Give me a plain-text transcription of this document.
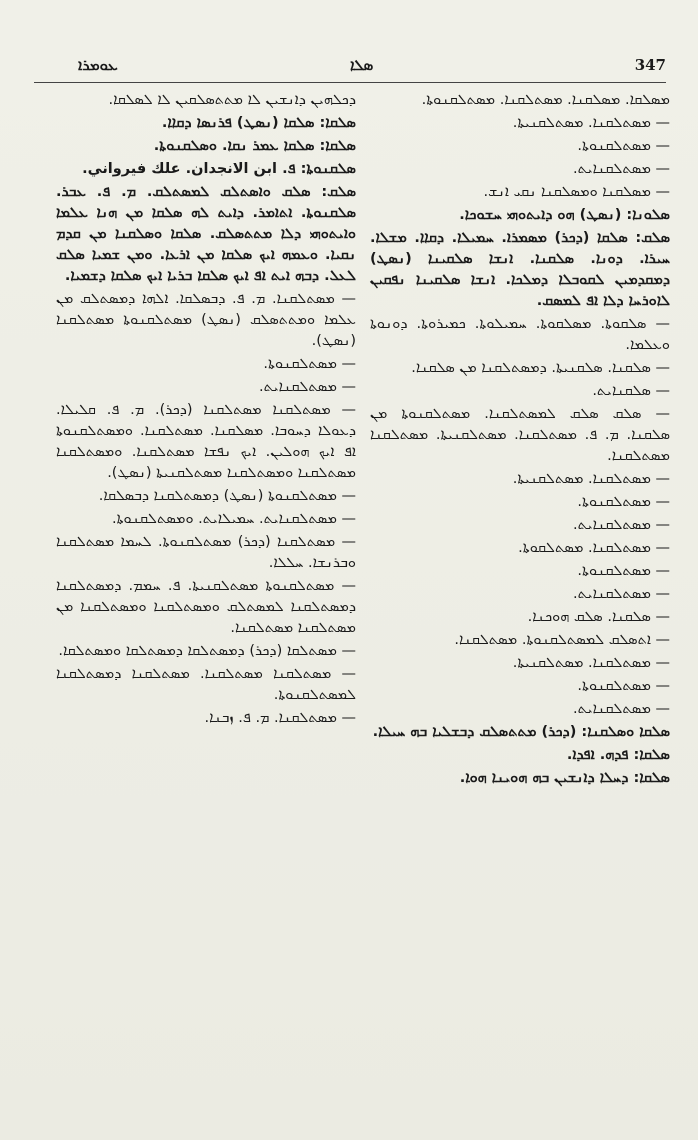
ܥܘܡܪܐ	ܣܠܐ	347

ܡܣܠܩܐ. ܡܣܠܩܢܐ. ܡܣܬܠܩܢܐ. ܡܣܬܠܩܢܘܬܐ.

— ܡܣܬܠܩܢܐ. ܡܣܬܠܩܢܝܬܐ.

— ܡܣܬܠܩܢܘܬܐ.

— ܡܣܬܠܩܢܐܝܬ.

— ܡܣܠܩܢܐ ܘܡܣܠܩܢܐ ܢܩܝ ܐܢܫ.

ܣܠܘܢܐ: (ܢܣܛ) ܗܘ ܕܐܝܬܘܗܝ ܚܫܘܟܐ.

ܣܠܩ: ܣܠܩܐ (ܕܟܪ) ܡܣܡܪܐ. ܚܡܝܠܐ. ܕܩܐܐ. ܡܫܠܐ. ܚܝܪܐ. ܕܘܢܐ. ܣܠܩܢܐ. ܐܢܫܐ ܣܠܩܝܢܐ (ܢܣܛ) ܕܡܩܕܡܝܢ ܠܩܘܒܠܐ ܕܡܠܟܐ. ܐܢܫܐ ܣܠܩܝܢܐ ܢܦܩܝܢ ܠܐܘܪܚܐ ܕܠܐ ܐܦ ܠܡܣܩ.

— ܣܠܩܘܬܐ. ܡܣܠܩܘܬܐ. ܚܡܝܠܘܬܐ. ܟܡܝܪܘܬܐ. ܕܘܢܘܬܐ ܘܥܠܡܐ.

— ܣܠܩܢܐ. ܣܠܩܢܝܬܐ. ܕܡܣܬܠܩܢܐ ܡܢ ܣܠܩܢܐ.

— ܣܠܩܢܐܝܬ.

— ܣܠܩ ܣܠܩ ܠܡܣܬܠܩܢܐ. ܡܣܬܠܩܢܘܬܐ ܡܢ ܣܠܩܢܐ. ܡ. ܦ. ܡܣܬܠܩܢܐ. ܡܣܬܠܩܢܝܬܐ. ܡܣܬܠܩܢܐ ܡܣܬܠܩܢܐ.

— ܡܣܬܠܩܢܐ. ܡܣܬܠܩܢܝܬܐ.

— ܡܣܬܠܩܢܘܬܐ.

— ܡܣܬܠܩܢܐܝܬ.

— ܡܣܬܠܩܢܐ. ܡܣܬܠܩܘܬܐ.

— ܡܣܬܠܩܢܘܬܐ.

— ܡܣܬܠܩܢܐܝܬ.

— ܣܠܩܢܐ. ܣܠܩ ܗܘܟܢܐ.

— ܐܬܣܠܩ ܠܡܣܬܠܩܢܘܬܐ. ܡܣܬܠܩܢܐ.

— ܡܣܬܠܩܢܐ. ܡܣܬܠܩܢܝܬܐ.

— ܡܣܬܠܩܢܘܬܐ.

— ܡܣܬܠܩܢܐܝܬ.

ܣܠܩܐ ܘܣܠܩܢܐ: (ܕܟܪ) ܡܬܬܣܠܩ ܕܒܫܠܝܐ ܒܗ ܚܝܠܐ.

ܣܠܩܐ: ܦܕܗ. ܐܦܕܐ.

ܣܠܩܐ: ܕܚܠܐ ܕܐܢܫܝܢ ܒܗ ܗܘܝܢܐ ܗܘܐ.

ܕܟܠܗܝܢ ܕܐܢܫܝܢ ܠܐ ܡܬܬܣܠܩܝܢ ܠܐ ܠܣܠܩܐ.

ܣܠܩܐ: ܣܠܩܐ (ܢܣܛ) ܦܪܢܣܐ ܕܩܐܐ.

ܣܠܩܐ: ܣܠܩܐ ܥܡܪ ܢܩܐ. ܘܣܠܩܢܘܬܐ.

ܣܠܩܢܘܬܐ: ܦ. ابن الانجدان. علك فيرواني.

ܣܠܩ: ܣܠܩ ܘܐܣܬܠܩ ܠܡܣܬܠܩ. ܡ. ܦ. ܥܒܪ. ܣܠܩܢܘܬܐ. ܐܬܐܡܪ. ܕܐܝܬ ܠܗ ܣܠܩܐ ܡܢ ܗܢܐ ܥܠܡܐ ܘܐܝܬܘܗܝ ܕܠܐ ܡܬܬܣܠܩ. ܣܠܩܐ ܘܣܠܩܢܐ ܡܢ ܩܕܡ ܢܩܝܐ. ܘܥܡܗ ܐܝܟ ܣܠܩܐ ܡܢ ܐܪܥܐ. ܘܡܢ ܫܡܝܐ ܣܠܩ ܠܥܠ. ܕܒܗ ܐܝܬ ܐܦ ܐܝܟ ܣܠܩܐ ܒܪܝܐ ܐܝܟ ܣܠܩܐ ܕܫܡܝܐ.

— ܡܣܬܠܩܢܐ. ܡ. ܦ. ܕܒܣܠܩܐ. ܐܠܗܐ ܕܡܣܬܠܩ ܡܢ ܥܠܡܐ ܘܡܬܬܣܠܩ (ܢܣܛ) ܡܣܬܠܩܢܘܬܐ ܡܣܬܠܩܢܐ (ܢܣܛ).

— ܡܣܬܠܩܢܘܬܐ.

— ܡܣܬܠܩܢܐܝܬ.

— ܡܣܬܠܩܢܐ ܡܣܬܠܩܢܐ (ܕܟܪ). ܡ. ܦ. ܩܠܝܠܐ. ܕܥܘܠܐ ܕܚܘܒܐ. ܡܣܠܩܢܐ. ܡܣܬܠܩܢܐ. ܘܡܣܬܠܩܢܘܬܐ ܐܦ ܐܝܟ ܗܘܠܝܢ. ܐܝܟ ܢܦܫܐ ܡܣܬܠܩܢܐ. ܘܡܣܬܠܩܢܐ ܡܣܬܠܩܢܐ ܘܡܣܬܠܩܢܐ ܡܣܬܠܩܢܝܬܐ (ܢܣܛ).

— ܡܣܬܠܩܢܘܬܐ (ܢܣܛ) ܕܡܣܬܠܩܢܐ ܕܒܣܠܩܐ.

— ܡܣܬܠܩܢܐܝܬ. ܚܡܝܠܐܝܬ. ܘܡܣܬܠܩܢܘܬܐ.

— ܡܣܬܠܩܢܐ (ܕܟܪ) ܡܣܬܠܩܢܘܬܐ. ܠܚܡܐ ܡܣܬܠܩܢܐ ܘܒܪܢܫܐ. ܚܠܠܐ.

— ܡܣܬܠܩܢܘܬܐ ܡܣܬܠܩܢܝܬܐ. ܦ. ܚܡܡ. ܕܡܣܬܠܩܢܐ ܕܡܣܬܠܩܢܐ ܠܡܣܬܠܩ ܘܡܣܬܠܩܢܐ ܘܡܣܬܠܩܢܐ ܡܢ ܡܣܬܠܩܢܐ ܡܣܬܠܩܢܐ.

— ܡܣܬܠܩܐ (ܕܟܪ) ܕܡܣܬܠܩܐ ܕܡܣܬܠܩܐ ܘܡܣܬܠܩܐ.

— ܡܣܬܠܩܢܐ ܡܣܬܠܩܢܐ. ܡܣܬܠܩܢܐ ܕܡܣܬܠܩܢܐ ܠܡܣܬܠܩܢܘܬܐ.

— ܡܣܬܠܩܢܐ. ܡ. ܦ. ܙܒܢܐ.
